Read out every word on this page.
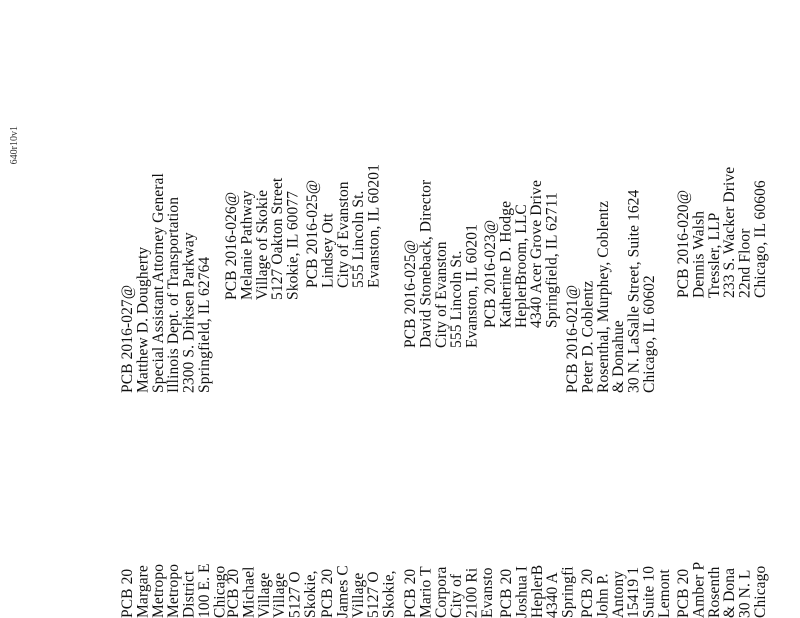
640r10v1
PCB 2016-027@
Matthew D. Dougherty
Special Assistant Attorney General
Illinois Dept. of Transportation
2300 S. Dirksen Parkway
Springfield, IL 62764
PCB 2016-026@
Melanie Pathway
Village of Skokie
5127 Oakton Street
Skokie, IL 60077 PCB 2016-025@
Lindsey Ott
City of Evanston
555 Lincoln St.
Evanston, IL 60201
PCB 2016-025@
David Stoneback, Director
City of Evanston
555 Lincoln St.
Evanston, IL 60201 PCB 2016-023@
Katherine D. Hodge
HeplerBroom, LLC
4340 Acer Grove Drive
Springfield, IL 62711
PCB 2016-021@
Peter D. Coblentz
Rosenthal, Murphey, Coblentz
& Donahue
30 N. LaSalle Street, Suite 1624
Chicago, IL 60602
PCB 2016-020@
Dennis Walsh
Tressler, LLP
233 S. Wacker Drive
22nd Floor
Chicago, IL 60606
PCB 20
Margare
Metropo
Metropo
District
100 E. E
Chicago
PCB 20
Michael
Village
Village
5127 O
Skokie, PCB 20
James C
Village
5127 O
Skokie, PCB 20
Mario T
Corpora
City of
2100 Ri
Evansto PCB 20
Joshua I
HeplerB
4340 A
Springfi PCB 20
John P.
Antony
15419 1
Suite 10
Lemont PCB 20
Amber P
Rosenth
& Dona
30 N. L
Chicago
